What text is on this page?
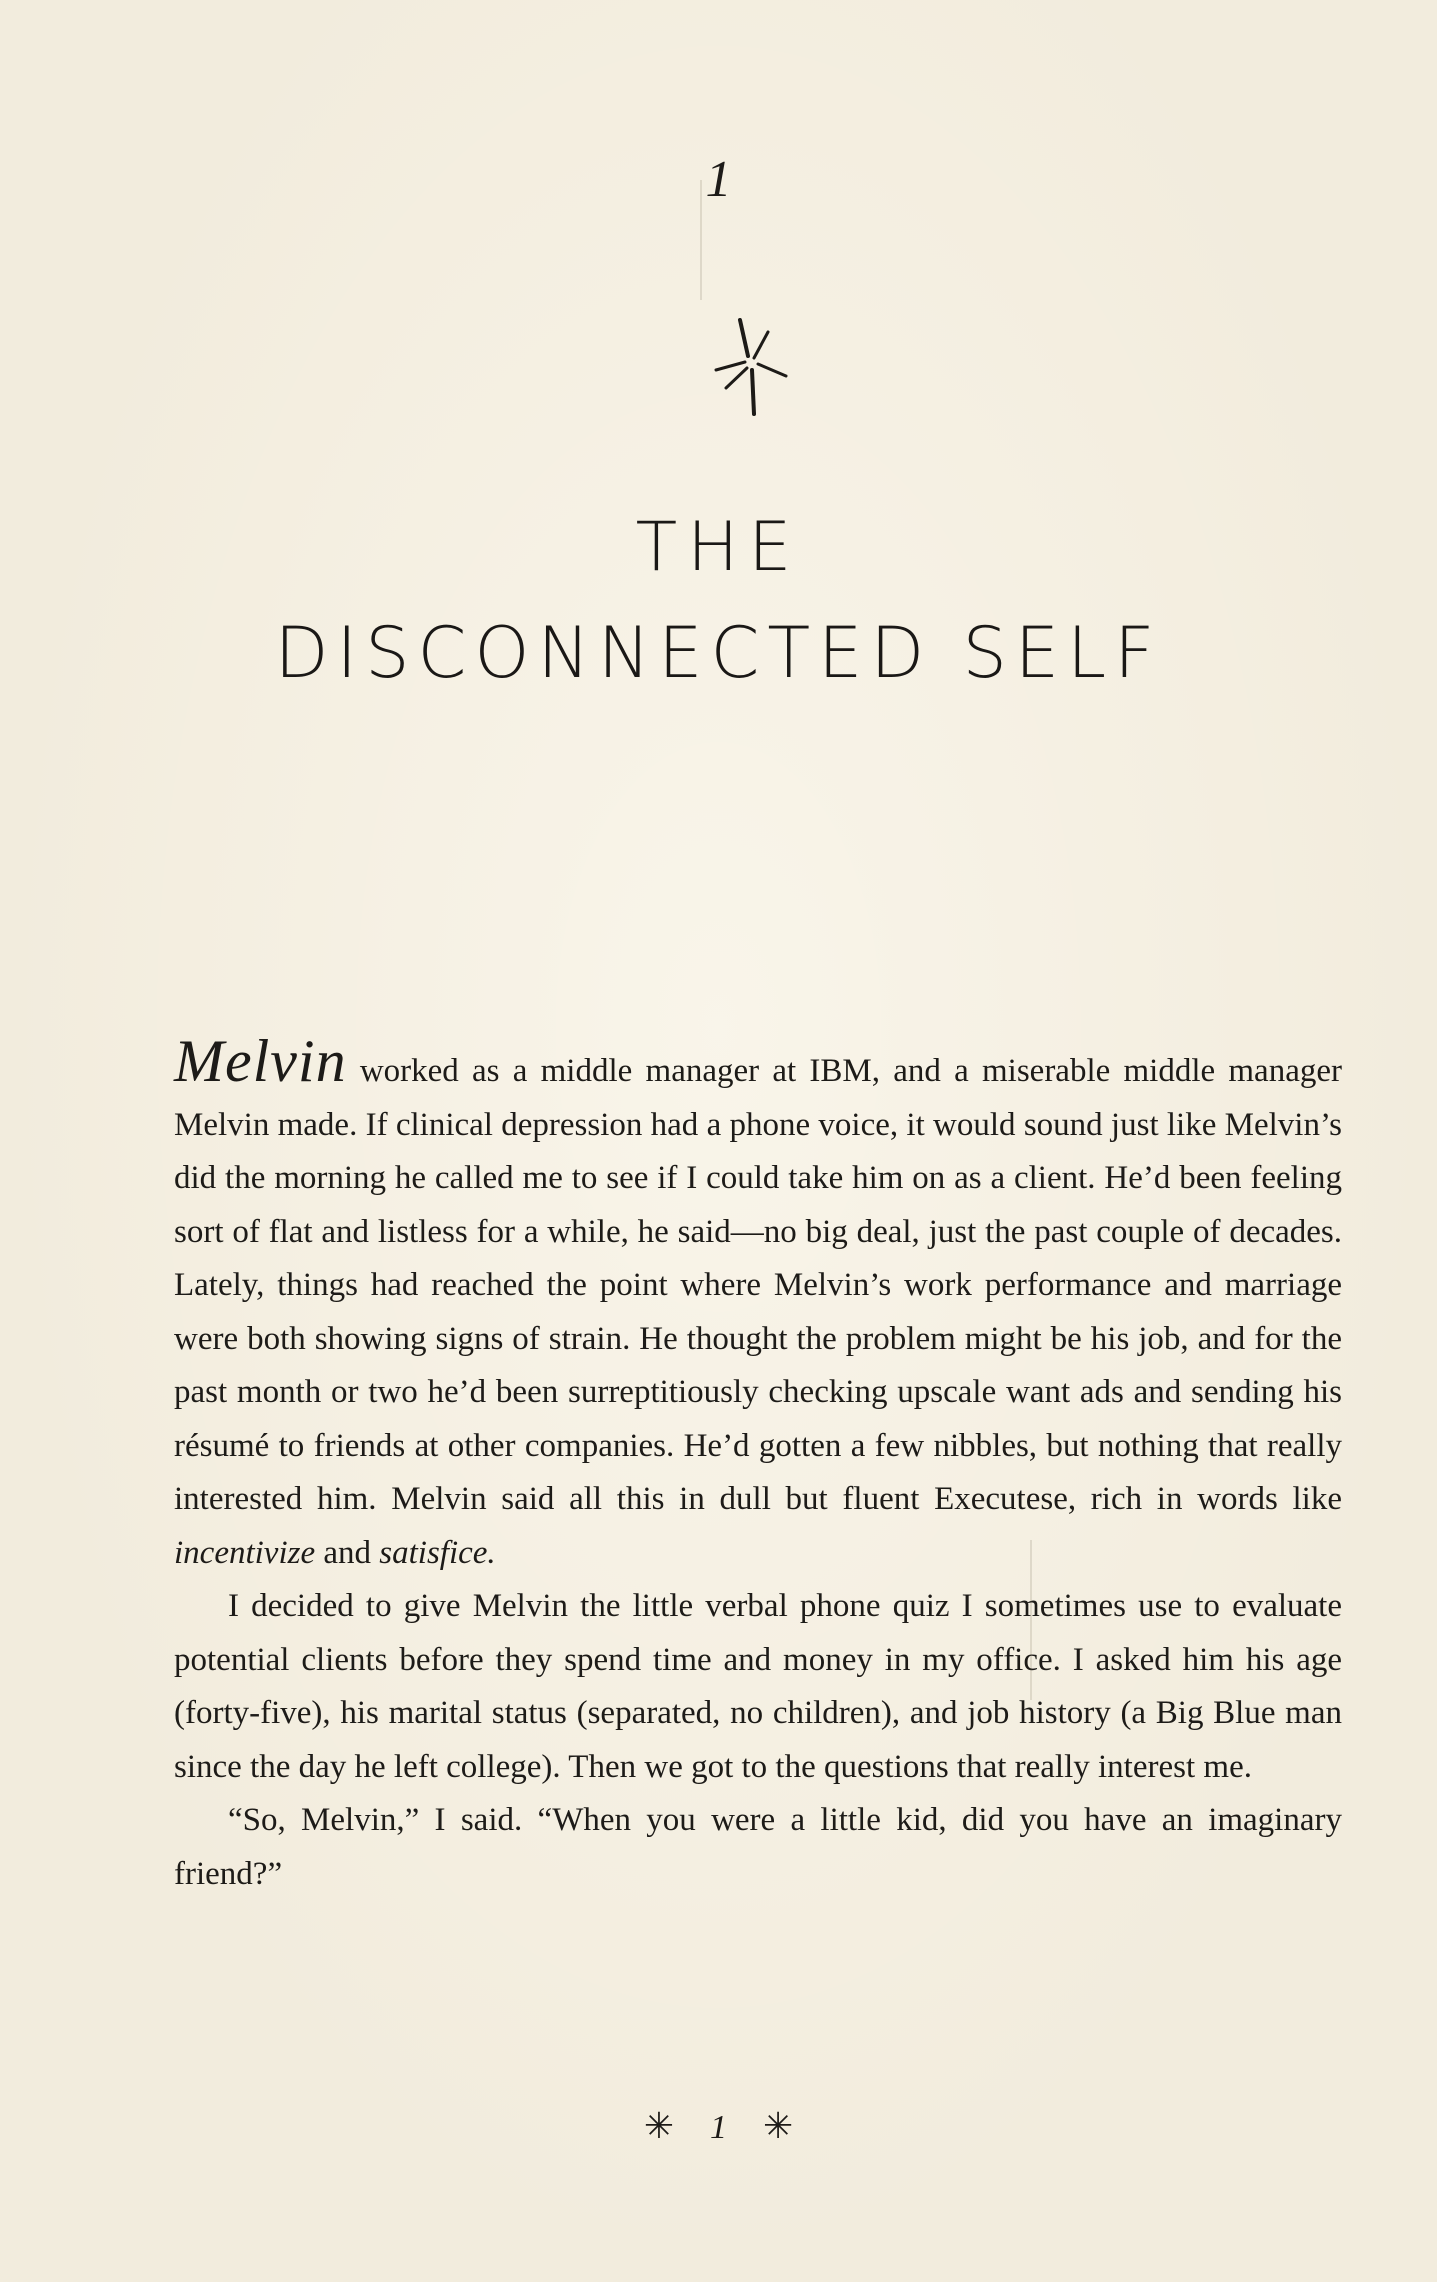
1
THE
DISCONNECTED SELF

Melvin worked as a middle manager at IBM, and a miserable middle manager Melvin made. If clinical depression had a phone voice, it would sound just like Melvin’s did the morning he called me to see if I could take him on as a client. He’d been feeling sort of flat and listless for a while, he said—no big deal, just the past couple of decades. Lately, things had reached the point where Melvin’s work performance and marriage were both showing signs of strain. He thought the problem might be his job, and for the past month or two he’d been surreptitiously checking upscale want ads and sending his résumé to friends at other companies. He’d gotten a few nibbles, but nothing that really interested him. Melvin said all this in dull but fluent Executese, rich in words like incentivize and satisfice.

I decided to give Melvin the little verbal phone quiz I sometimes use to evaluate potential clients before they spend time and money in my office. I asked him his age (forty-five), his marital status (separated, no children), and job history (a Big Blue man since the day he left college). Then we got to the questions that really interest me.

“So, Melvin,” I said. “When you were a little kid, did you have an imaginary friend?”

✳ 1 ✳
